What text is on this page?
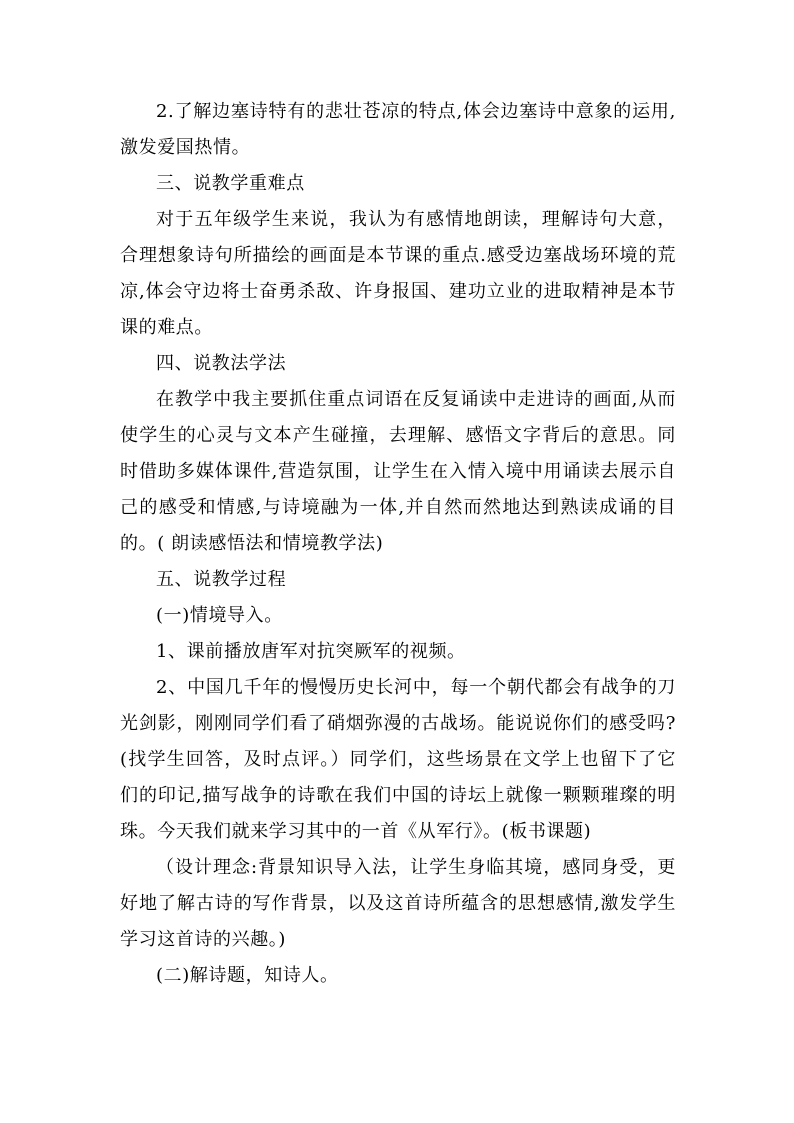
2.了解边塞诗特有的悲壮苍凉的特点,体会边塞诗中意象的运用,激发爱国热情。

三、说教学重难点

对于五年级学生来说，我认为有感情地朗读，理解诗句大意，合理想象诗句所描绘的画面是本节课的重点.感受边塞战场环境的荒凉,体会守边将士奋勇杀敌、许身报国、建功立业的进取精神是本节课的难点。

四、说教法学法

在教学中我主要抓住重点词语在反复诵读中走进诗的画面,从而使学生的心灵与文本产生碰撞，去理解、感悟文字背后的意思。同时借助多媒体课件,营造氛围，让学生在入情入境中用诵读去展示自己的感受和情感,与诗境融为一体,并自然而然地达到熟读成诵的目的。( 朗读感悟法和情境教学法)

五、说教学过程

(一)情境导入。

1、课前播放唐军对抗突厥军的视频。

2、中国几千年的慢慢历史长河中，每一个朝代都会有战争的刀光剑影，刚刚同学们看了硝烟弥漫的古战场。能说说你们的感受吗?(找学生回答，及时点评。）同学们，这些场景在文学上也留下了它们的印记,描写战争的诗歌在我们中国的诗坛上就像一颗颗璀璨的明珠。今天我们就来学习其中的一首《从军行》。(板书课题)

（设计理念:背景知识导入法，让学生身临其境，感同身受，更好地了解古诗的写作背景，以及这首诗所蕴含的思想感情,激发学生学习这首诗的兴趣。)

(二)解诗题，知诗人。
